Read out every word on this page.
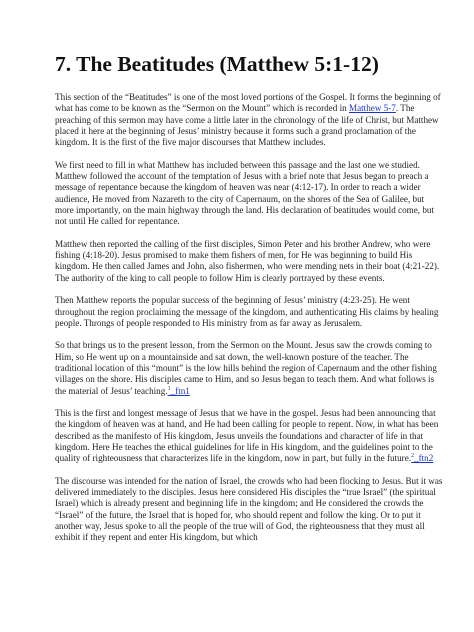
7. The Beatitudes (Matthew 5:1-12)

This section of the “Beatitudes” is one of the most loved portions of the Gospel. It forms the beginning of what has come to be known as the “Sermon on the Mount” which is recorded in Matthew 5-7. The preaching of this sermon may have come a little later in the chronology of the life of Christ, but Matthew placed it here at the beginning of Jesus’ ministry because it forms such a grand proclamation of the kingdom. It is the first of the five major discourses that Matthew includes.

We first need to fill in what Matthew has included between this passage and the last one we studied. Matthew followed the account of the temptation of Jesus with a brief note that Jesus began to preach a message of repentance because the kingdom of heaven was near (4:12-17). In order to reach a wider audience, He moved from Nazareth to the city of Capernaum, on the shores of the Sea of Galilee, but more importantly, on the main highway through the land. His declaration of beatitudes would come, but not until He called for repentance.

Matthew then reported the calling of the first disciples, Simon Peter and his brother Andrew, who were fishing (4:18-20). Jesus promised to make them fishers of men, for He was beginning to build His kingdom. He then called James and John, also fishermen, who were mending nets in their boat (4:21-22). The authority of the king to call people to follow Him is clearly portrayed by these events.

Then Matthew reports the popular success of the beginning of Jesus’ ministry (4:23-25). He went throughout the region proclaiming the message of the kingdom, and authenticating His claims by healing people. Throngs of people responded to His ministry from as far away as Jerusalem.

So that brings us to the present lesson, from the Sermon on the Mount. Jesus saw the crowds coming to Him, so He went up on a mountainside and sat down, the well-known posture of the teacher. The traditional location of this “mount” is the low hills behind the region of Capernaum and the other fishing villages on the shore. His disciples came to Him, and so Jesus began to teach them. And what follows is the material of Jesus’ teaching.$^1$_ftn1

This is the first and longest message of Jesus that we have in the gospel. Jesus had been announcing that the kingdom of heaven was at hand, and He had been calling for people to repent. Now, in what has been described as the manifesto of His kingdom, Jesus unveils the foundations and character of life in that kingdom. Here He teaches the ethical guidelines for life in His kingdom, and the guidelines point to the quality of righteousness that characterizes life in the kingdom, now in part, but fully in the future.$^2$_ftn2

The discourse was intended for the nation of Israel, the crowds who had been flocking to Jesus. But it was delivered immediately to the disciples. Jesus here considered His disciples the “true Israel” (the spiritual Israel) which is already present and beginning life in the kingdom; and He considered the crowds the “Israel” of the future, the Israel that is hoped for, who should repent and follow the king. Or to put it another way, Jesus spoke to all the people of the true will of God, the righteousness that they must all exhibit if they repent and enter His kingdom, but which
